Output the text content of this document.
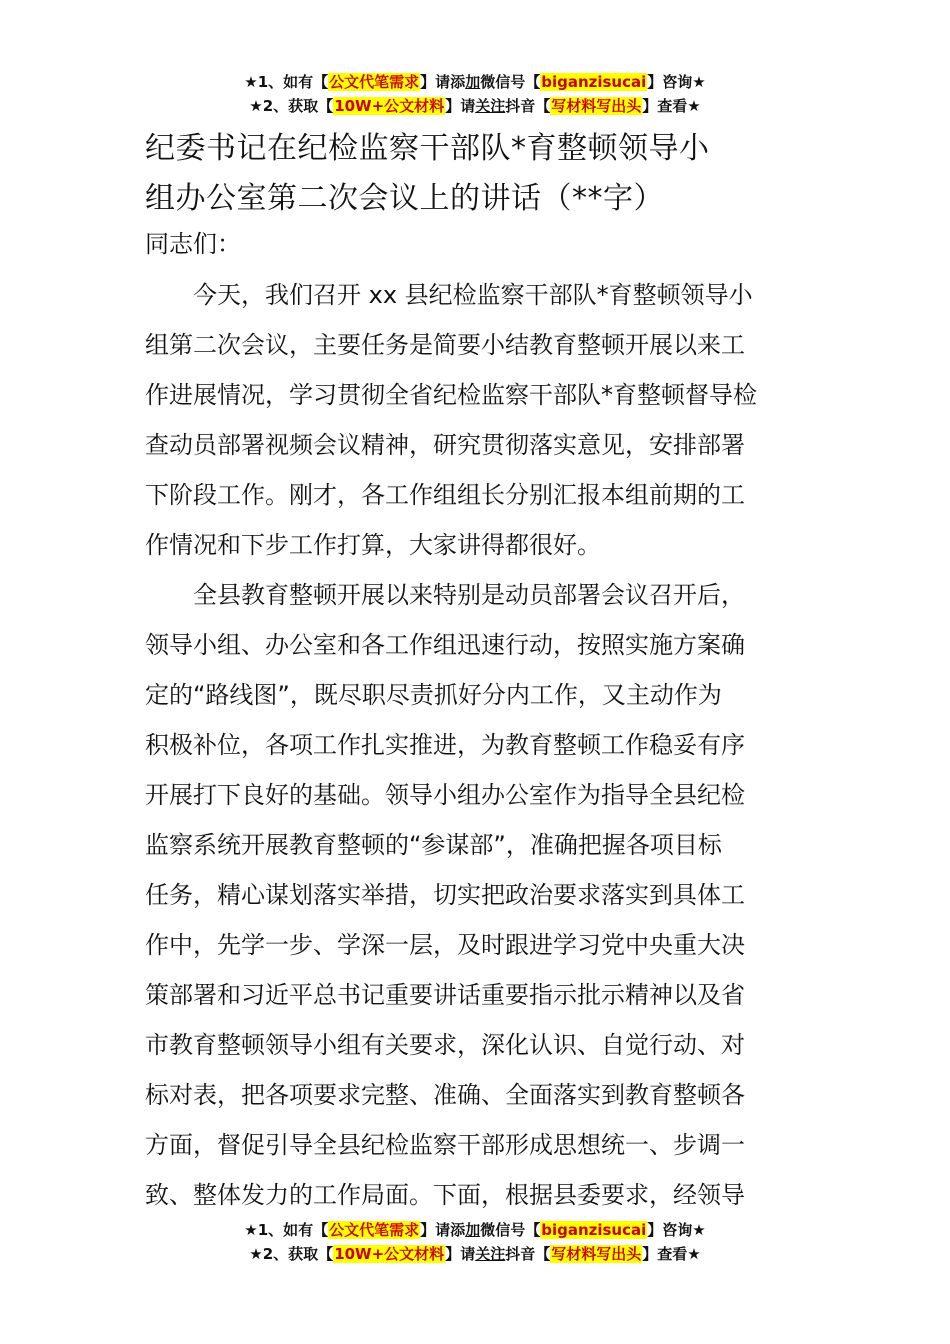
★1、如有【公文代笔需求】请添加微信号【biganzisucai】咨询★
★2、获取【10W+公文材料】请关注抖音【写材料写出头】查看★
纪委书记在纪检监察干部队*育整顿领导小
组办公室第二次会议上的讲话（**字）
同志们：
今天，我们召开 xx 县纪检监察干部队*育整顿领导小
组第二次会议，主要任务是简要小结教育整顿开展以来工
作进展情况，学习贯彻全省纪检监察干部队*育整顿督导检
查动员部署视频会议精神，研究贯彻落实意见，安排部署
下阶段工作。刚才，各工作组组长分别汇报本组前期的工
作情况和下步工作打算，大家讲得都很好。
全县教育整顿开展以来特别是动员部署会议召开后，
领导小组、办公室和各工作组迅速行动，按照实施方案确
定的“路线图”，既尽职尽责抓好分内工作，又主动作为
积极补位，各项工作扎实推进，为教育整顿工作稳妥有序
开展打下良好的基础。领导小组办公室作为指导全县纪检
监察系统开展教育整顿的“参谋部”，准确把握各项目标
任务，精心谋划落实举措，切实把政治要求落实到具体工
作中，先学一步、学深一层，及时跟进学习党中央重大决
策部署和习近平总书记重要讲话重要指示批示精神以及省
市教育整顿领导小组有关要求，深化认识、自觉行动、对
标对表，把各项要求完整、准确、全面落实到教育整顿各
方面，督促引导全县纪检监察干部形成思想统一、步调一
致、整体发力的工作局面。下面，根据县委要求，经领导
★1、如有【公文代笔需求】请添加微信号【biganzisucai】咨询★
★2、获取【10W+公文材料】请关注抖音【写材料写出头】查看★
